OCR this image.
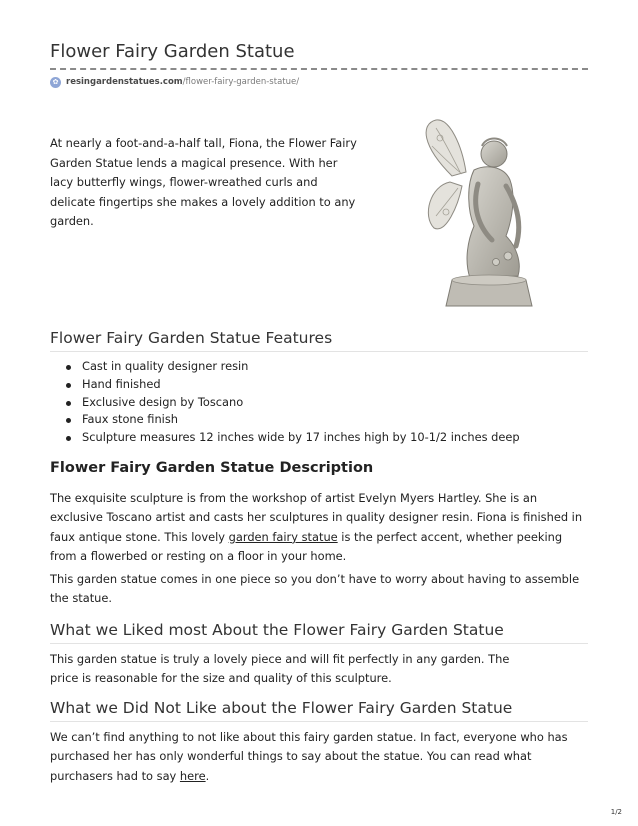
Flower Fairy Garden Statue
✿ resingardenstatues.com /flower-fairy-garden-statue/

At nearly a foot-and-a-half tall, Fiona, the Flower Fairy Garden Statue lends a magical presence. With her lacy butterfly wings, flower-wreathed curls and delicate fingertips she makes a lovely addition to any garden.

Flower Fairy Garden Statue Features
Cast in quality designer resin
Hand finished
Exclusive design by Toscano
Faux stone finish
Sculpture measures 12 inches wide by 17 inches high by 10-1/2 inches deep
Flower Fairy Garden Statue Description

The exquisite sculpture is from the workshop of artist Evelyn Myers Hartley. She is an exclusive Toscano artist and casts her sculptures in quality designer resin. Fiona is finished in faux antique stone. This lovely garden fairy statue is the perfect accent, whether peeking from a flowerbed or resting on a floor in your home.

This garden statue comes in one piece so you don’t have to worry about having to assemble the statue.

What we Liked most About the Flower Fairy Garden Statue

This garden statue is truly a lovely piece and will fit perfectly in any garden. The price is reasonable for the size and quality of this sculpture.

What we Did Not Like about the Flower Fairy Garden Statue

We can’t find anything to not like about this fairy garden statue. In fact, everyone who has purchased her has only wonderful things to say about the statue. You can read what purchasers had to say here.

1/2
